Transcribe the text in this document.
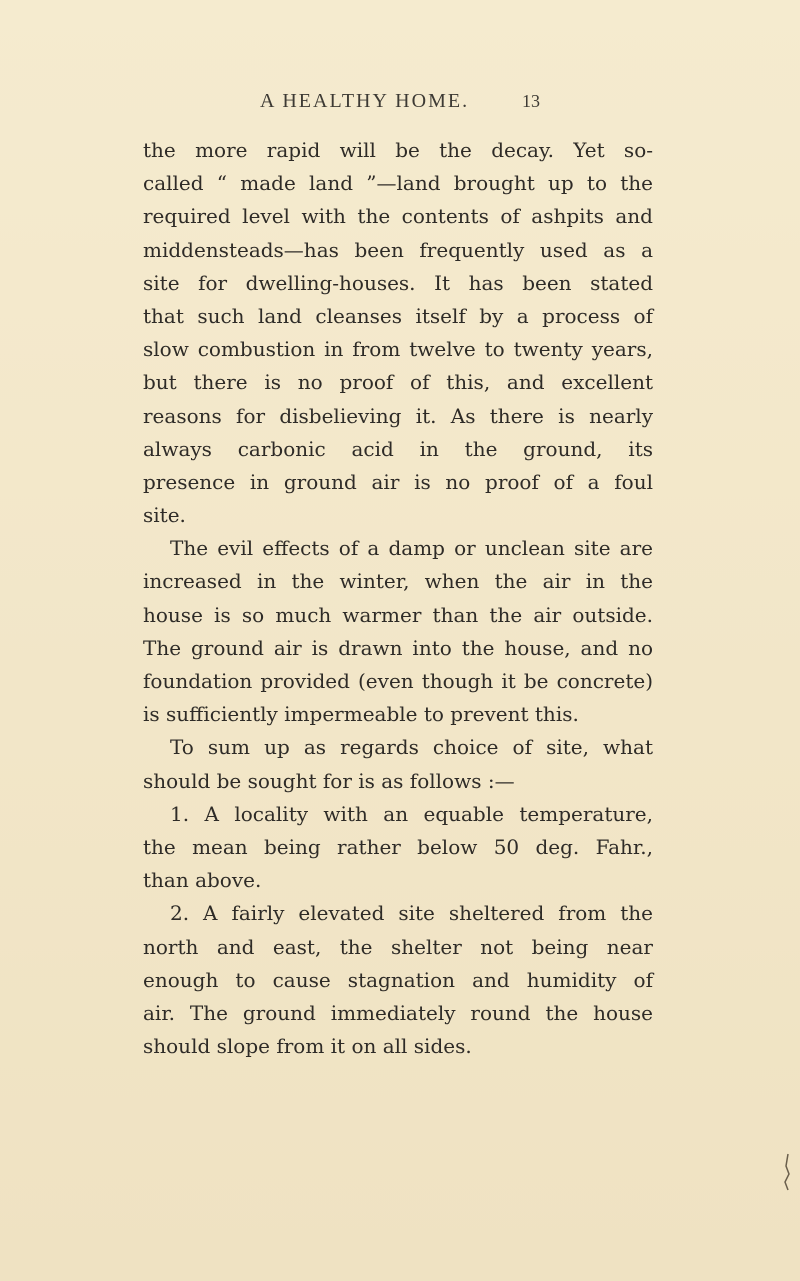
A HEALTHY HOME.	13
the more rapid will be the decay. Yet so-
called “ made land ”—land brought up to the
required level with the contents of ashpits and
middensteads—has been frequently used as a
site for dwelling-houses. It has been stated
that such land cleanses itself by a process of
slow combustion in from twelve to twenty years,
but there is no proof of this, and excellent
reasons for disbelieving it. As there is nearly
always carbonic acid in the ground, its
presence in ground air is no proof of a foul
site.
The evil effects of a damp or unclean site are
increased in the winter, when the air in the
house is so much warmer than the air outside.
The ground air is drawn into the house, and no
foundation provided (even though it be concrete)
is sufficiently impermeable to prevent this.
To sum up as regards choice of site, what
should be sought for is as follows :—
1. A locality with an equable temperature,
the mean being rather below 50 deg. Fahr.,
than above.
2. A fairly elevated site sheltered from the
north and east, the shelter not being near
enough to cause stagnation and humidity of
air. The ground immediately round the house
should slope from it on all sides.
